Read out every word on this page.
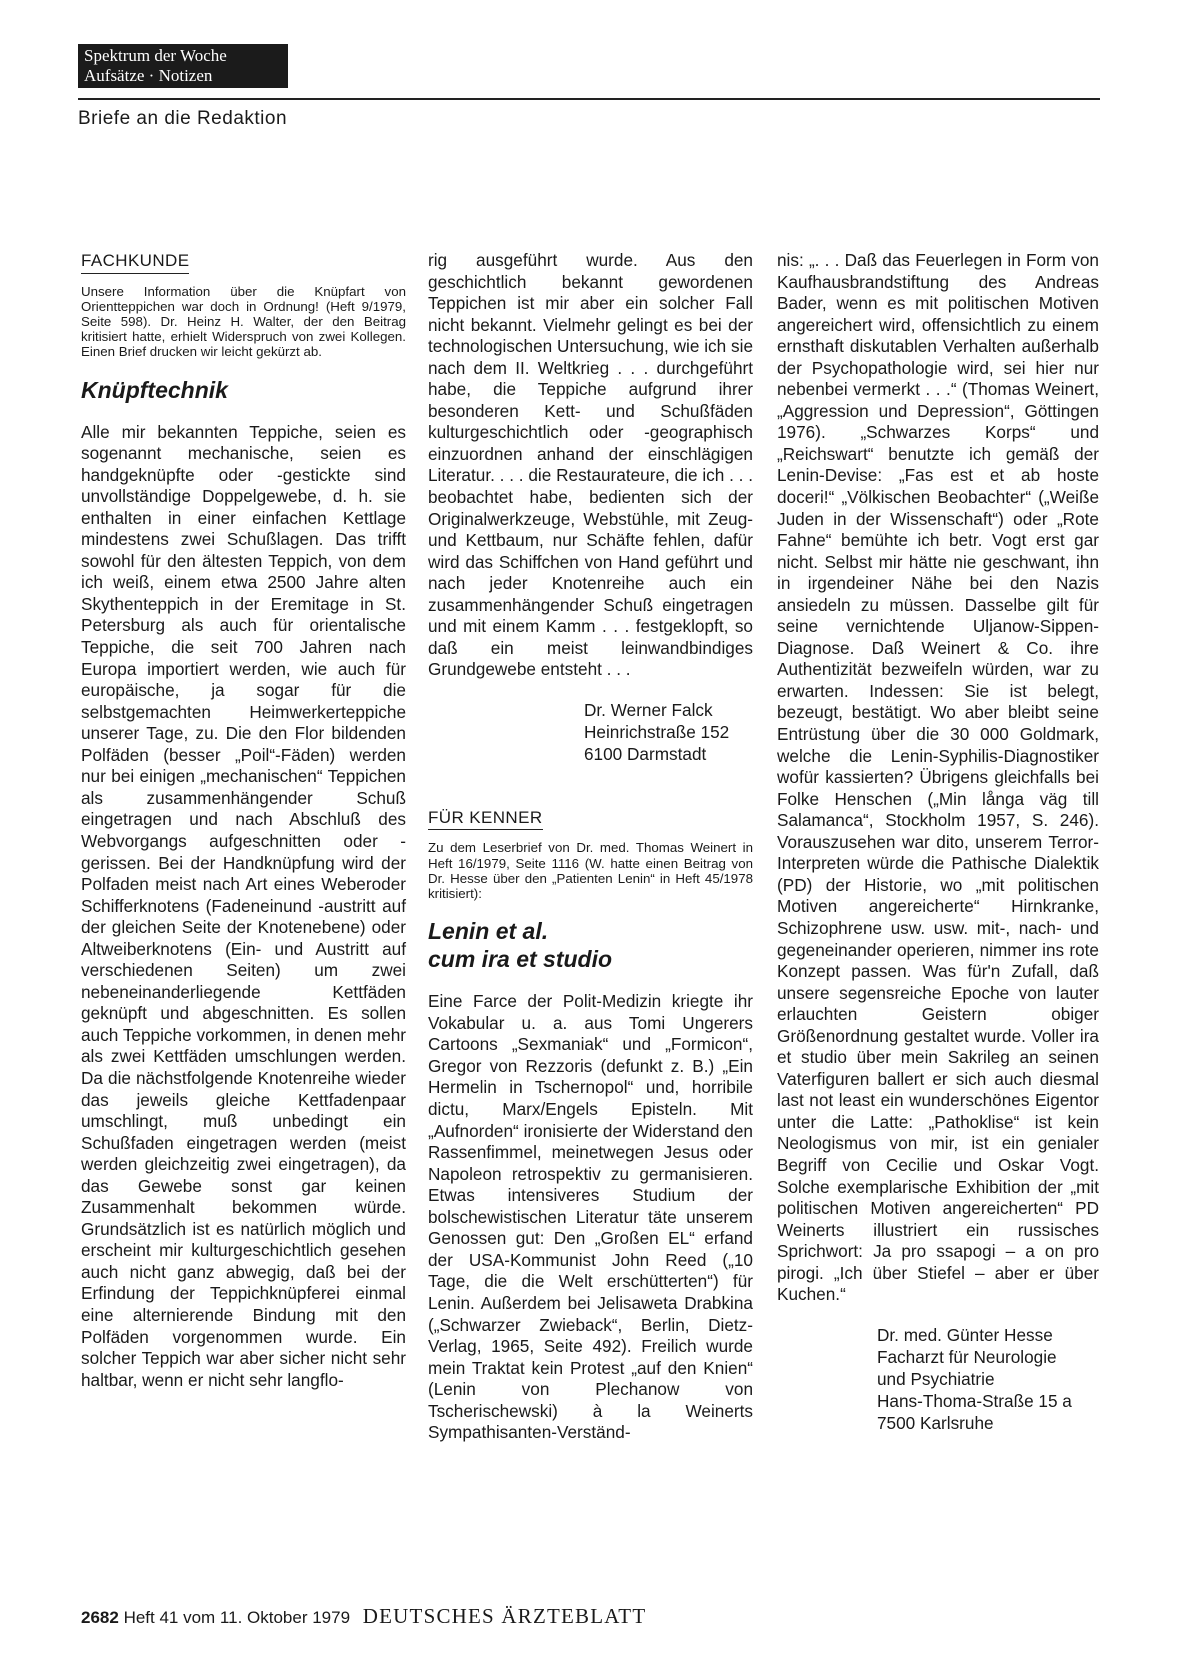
Spektrum der Woche
Aufsätze · Notizen
Briefe an die Redaktion
FACHKUNDE

Unsere Information über die Knüpfart von Orientteppichen war doch in Ordnung! (Heft 9/1979, Seite 598). Dr. Heinz H. Walter, der den Beitrag kritisiert hatte, erhielt Widerspruch von zwei Kollegen. Einen Brief drucken wir leicht gekürzt ab.

Knüpftechnik

Alle mir bekannten Teppiche, seien es sogenannt mechanische, seien es handgeknüpfte oder -gestickte sind unvollständige Doppelgewebe, d. h. sie enthalten in einer einfachen Kettlage mindestens zwei Schußlagen. Das trifft sowohl für den ältesten Teppich, von dem ich weiß, einem etwa 2500 Jahre alten Skythenteppich in der Eremitage in St. Petersburg als auch für orientalische Teppiche, die seit 700 Jahren nach Europa importiert werden, wie auch für europäische, ja sogar für die selbstgemachten Heimwerkerteppiche unserer Tage, zu. Die den Flor bildenden Polfäden (besser „Poil“-Fäden) werden nur bei einigen „mechanischen“ Teppichen als zusammenhängender Schuß eingetragen und nach Abschluß des Webvorgangs aufgeschnitten oder -gerissen. Bei der Handknüpfung wird der Polfaden meist nach Art eines Weberoder Schifferknotens (Fadeneinund -austritt auf der gleichen Seite der Knotenebene) oder Altweiberknotens (Ein- und Austritt auf verschiedenen Seiten) um zwei nebeneinanderliegende Kettfäden geknüpft und abgeschnitten. Es sollen auch Teppiche vorkommen, in denen mehr als zwei Kettfäden umschlungen werden. Da die nächstfolgende Knotenreihe wieder das jeweils gleiche Kettfadenpaar umschlingt, muß unbedingt ein Schußfaden eingetragen werden (meist werden gleichzeitig zwei eingetragen), da das Gewebe sonst gar keinen Zusammenhalt bekommen würde. Grundsätzlich ist es natürlich möglich und erscheint mir kulturgeschichtlich gesehen auch nicht ganz abwegig, daß bei der Erfindung der Teppichknüpferei einmal eine alternierende Bindung mit den Polfäden vorgenommen wurde. Ein solcher Teppich war aber sicher nicht sehr haltbar, wenn er nicht sehr langflo-

rig ausgeführt wurde. Aus den geschichtlich bekannt gewordenen Teppichen ist mir aber ein solcher Fall nicht bekannt. Vielmehr gelingt es bei der technologischen Untersuchung, wie ich sie nach dem II. Weltkrieg . . . durchgeführt habe, die Teppiche aufgrund ihrer besonderen Kett- und Schußfäden kulturgeschichtlich oder -geographisch einzuordnen anhand der einschlägigen Literatur. . . . die Restaurateure, die ich . . . beobachtet habe, bedienten sich der Originalwerkzeuge, Webstühle, mit Zeug- und Kettbaum, nur Schäfte fehlen, dafür wird das Schiffchen von Hand geführt und nach jeder Knotenreihe auch ein zusammenhängender Schuß eingetragen und mit einem Kamm . . . festgeklopft, so daß ein meist leinwandbindiges Grundgewebe entsteht . . .

Dr. Werner Falck
Heinrichstraße 152
6100 Darmstadt
FÜR KENNER

Zu dem Leserbrief von Dr. med. Thomas Weinert in Heft 16/1979, Seite 1116 (W. hatte einen Beitrag von Dr. Hesse über den „Patienten Lenin“ in Heft 45/1978 kritisiert):

Lenin et al.
cum ira et studio

Eine Farce der Polit-Medizin kriegte ihr Vokabular u. a. aus Tomi Ungerers Cartoons „Sexmaniak“ und „Formicon“, Gregor von Rezzoris (defunkt z. B.) „Ein Hermelin in Tschernopol“ und, horribile dictu, Marx/Engels Episteln. Mit „Aufnorden“ ironisierte der Widerstand den Rassenfimmel, meinetwegen Jesus oder Napoleon retrospektiv zu germanisieren. Etwas intensiveres Studium der bolschewistischen Literatur täte unserem Genossen gut: Den „Großen EL“ erfand der USA-Kommunist John Reed („10 Tage, die die Welt erschütterten“) für Lenin. Außerdem bei Jelisaweta Drabkina („Schwarzer Zwieback“, Berlin, Dietz-Verlag, 1965, Seite 492). Freilich wurde mein Traktat kein Protest „auf den Knien“ (Lenin von Plechanow von Tscherischewski) à la Weinerts Sympathisanten-Verständ-

nis: „. . . Daß das Feuerlegen in Form von Kaufhausbrandstiftung des Andreas Bader, wenn es mit politischen Motiven angereichert wird, offensichtlich zu einem ernsthaft diskutablen Verhalten außerhalb der Psychopathologie wird, sei hier nur nebenbei vermerkt . . .“ (Thomas Weinert, „Aggression und Depression“, Göttingen 1976). „Schwarzes Korps“ und „Reichswart“ benutzte ich gemäß der Lenin-Devise: „Fas est et ab hoste doceri!“ „Völkischen Beobachter“ („Weiße Juden in der Wissenschaft“) oder „Rote Fahne“ bemühte ich betr. Vogt erst gar nicht. Selbst mir hätte nie geschwant, ihn in irgendeiner Nähe bei den Nazis ansiedeln zu müssen. Dasselbe gilt für seine vernichtende Uljanow-Sippen-Diagnose. Daß Weinert & Co. ihre Authentizität bezweifeln würden, war zu erwarten. Indessen: Sie ist belegt, bezeugt, bestätigt. Wo aber bleibt seine Entrüstung über die 30 000 Goldmark, welche die Lenin-Syphilis-Diagnostiker wofür kassierten? Übrigens gleichfalls bei Folke Henschen („Min långa väg till Salamanca“, Stockholm 1957, S. 246). Vorauszusehen war dito, unserem Terror-Interpreten würde die Pathische Dialektik (PD) der Historie, wo „mit politischen Motiven angereicherte“ Hirnkranke, Schizophrene usw. usw. mit-, nach- und gegeneinander operieren, nimmer ins rote Konzept passen. Was für'n Zufall, daß unsere segensreiche Epoche von lauter erlauchten Geistern obiger Größenordnung gestaltet wurde. Voller ira et studio über mein Sakrileg an seinen Vaterfiguren ballert er sich auch diesmal last not least ein wunderschönes Eigentor unter die Latte: „Pathoklise“ ist kein Neologismus von mir, ist ein genialer Begriff von Cecilie und Oskar Vogt. Solche exemplarische Exhibition der „mit politischen Motiven angereicherten“ PD Weinerts illustriert ein russisches Sprichwort: Ja pro ssapogi – a on pro pirogi. „Ich über Stiefel – aber er über Kuchen.“

Dr. med. Günter Hesse
Facharzt für Neurologie
und Psychiatrie
Hans-Thoma-Straße 15 a
7500 Karlsruhe
2682 Heft 41 vom 11. Oktober 1979 DEUTSCHES ÄRZTEBLATT
